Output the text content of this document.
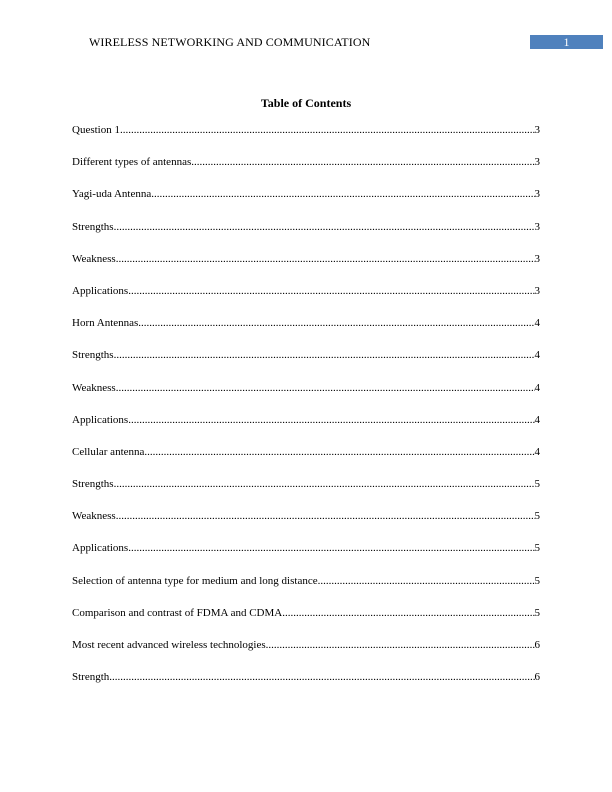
WIRELESS NETWORKING AND COMMUNICATION	1
Table of Contents
Question 1 .....	3
Different types of antennas .....	3
Yagi-uda Antenna .....	3
Strengths .....	3
Weakness .....	3
Applications .....	3
Horn Antennas .....	4
Strengths .....	4
Weakness .....	4
Applications .....	4
Cellular antenna .....	4
Strengths .....	5
Weakness .....	5
Applications .....	5
Selection of antenna type for medium and long distance .....	5
Comparison and contrast of FDMA and CDMA .....	5
Most recent advanced wireless technologies .....	6
Strength .....	6
